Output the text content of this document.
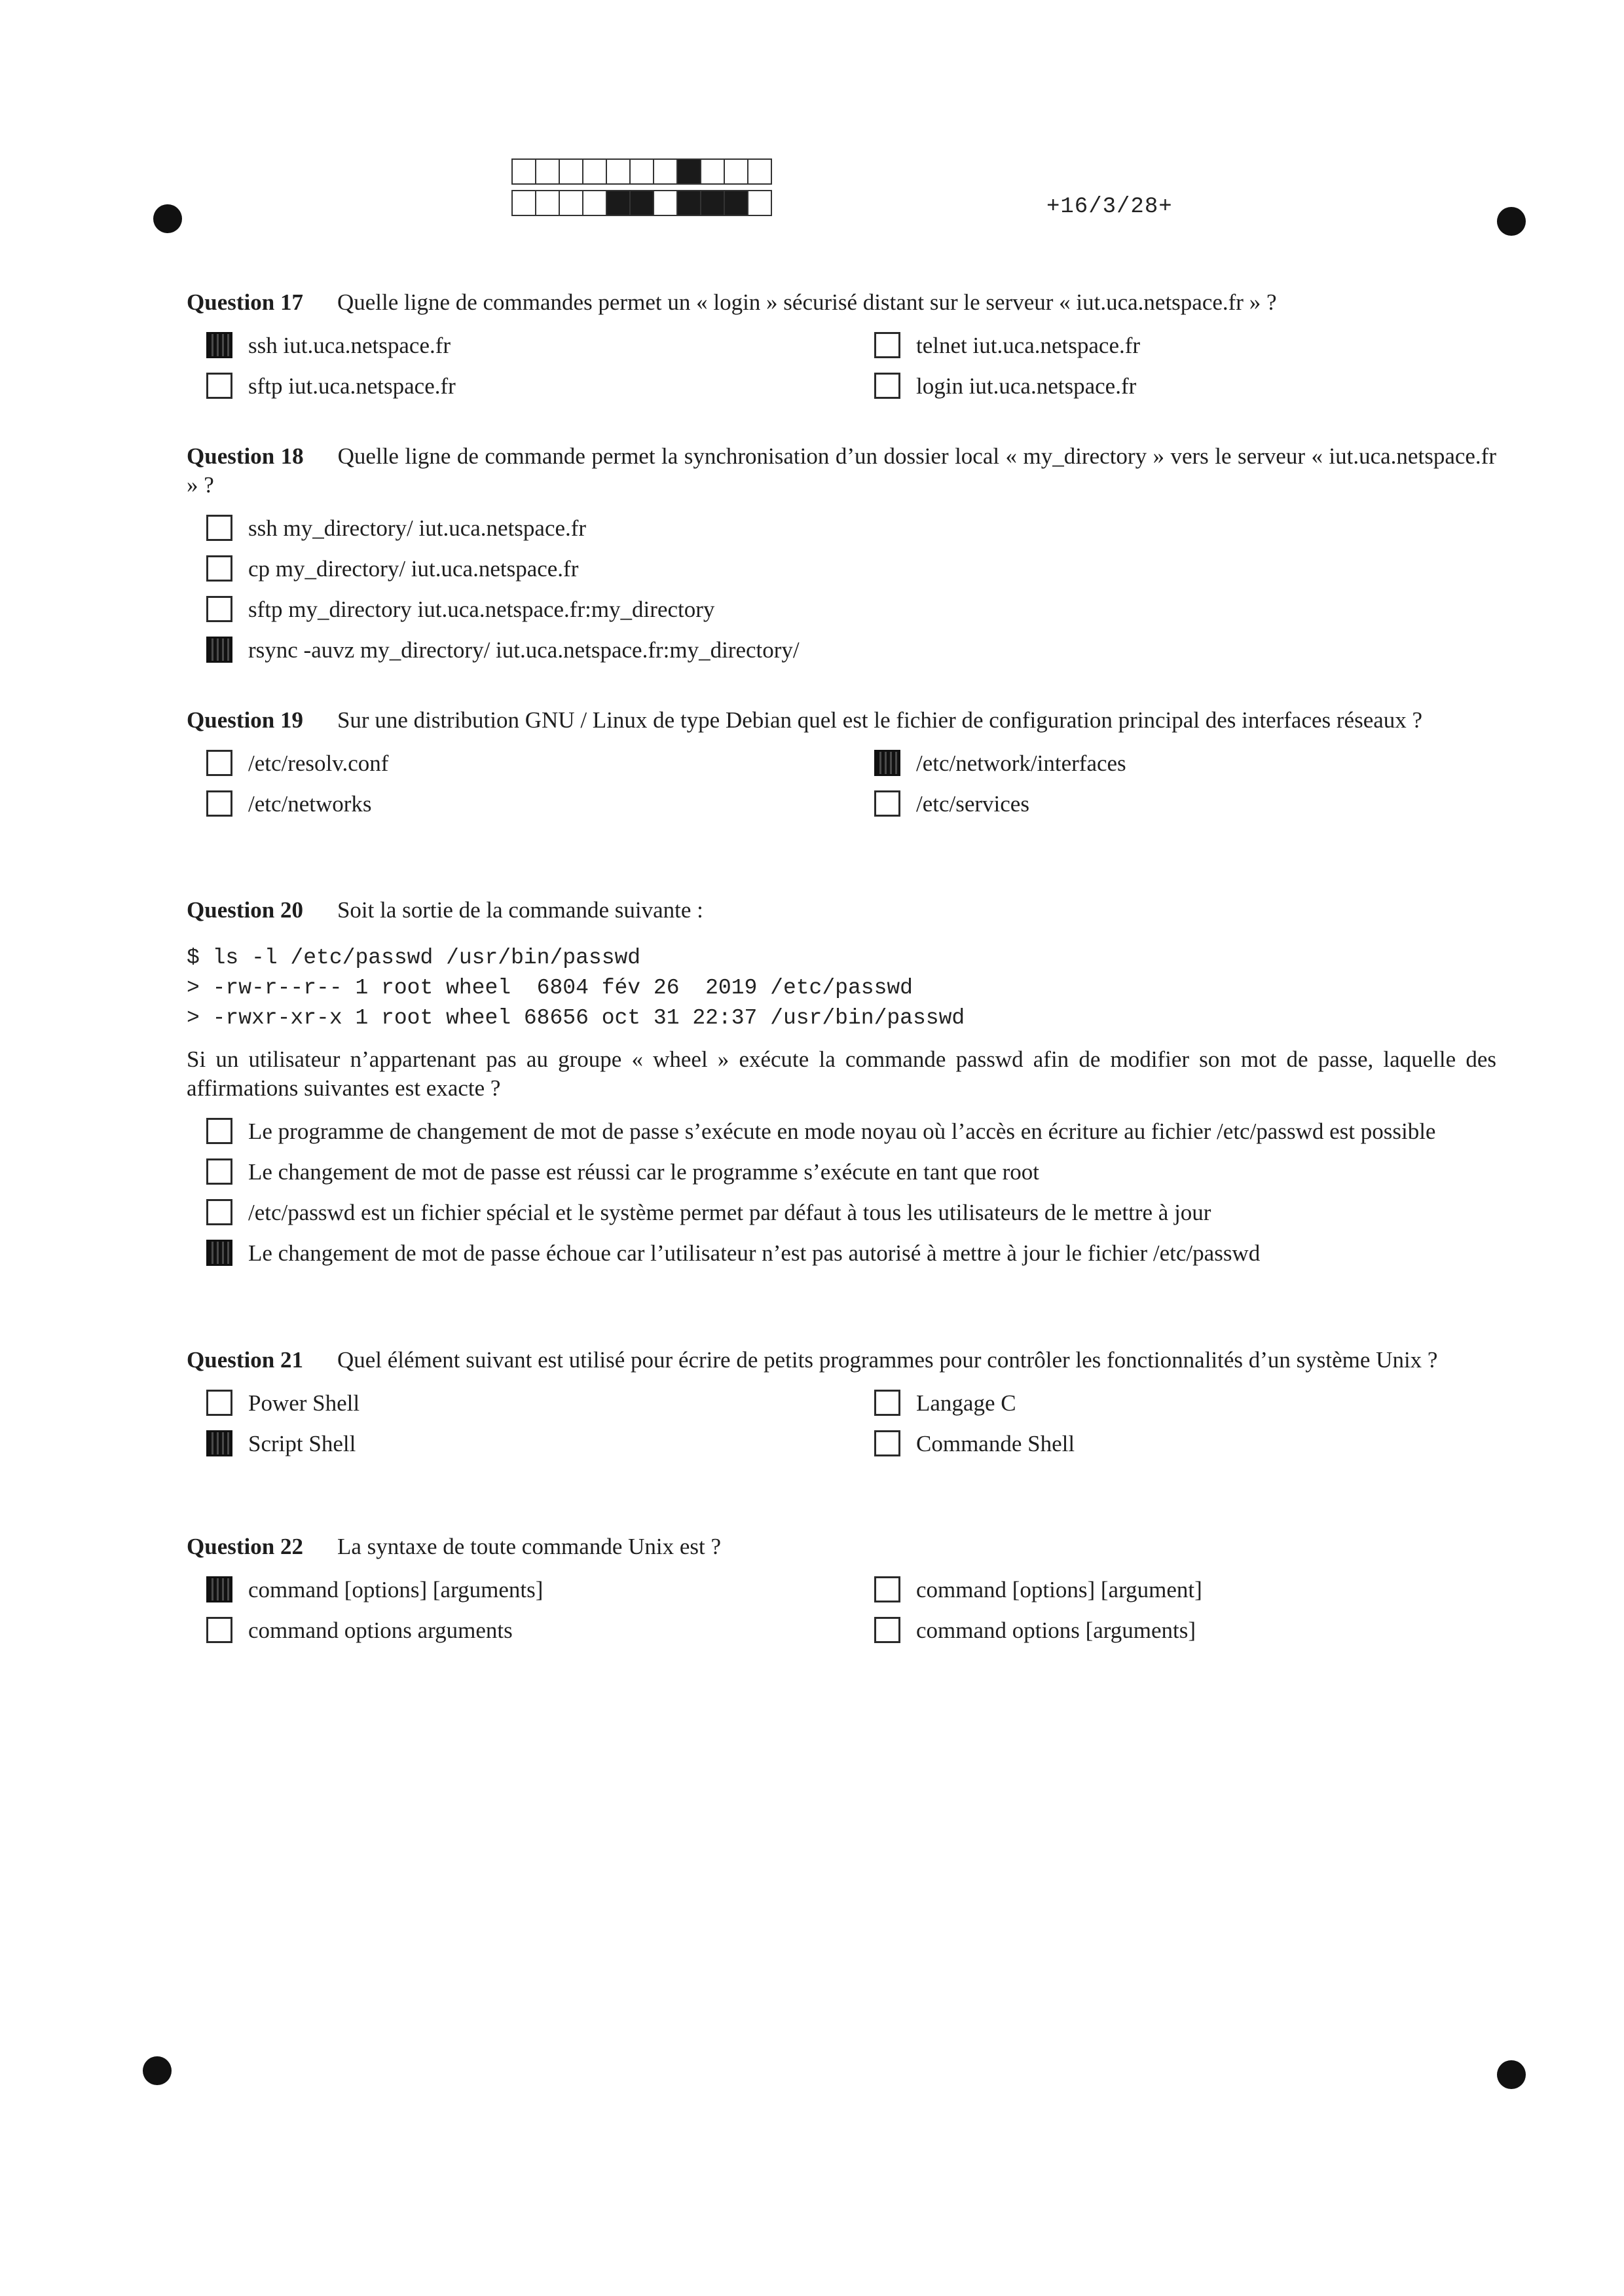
+16/3/28+
Question 17 Quelle ligne de commandes permet un « login » sécurisé distant sur le serveur « iut.uca.netspace.fr » ?
ssh iut.uca.netspace.fr	telnet iut.uca.netspace.fr
sftp iut.uca.netspace.fr	login iut.uca.netspace.fr
Question 18 Quelle ligne de commande permet la synchronisation d’un dossier local « my_directory » vers le serveur « iut.uca.netspace.fr » ?
ssh my_directory/ iut.uca.netspace.fr
cp my_directory/ iut.uca.netspace.fr
sftp my_directory iut.uca.netspace.fr:my_directory
rsync -auvz my_directory/ iut.uca.netspace.fr:my_directory/
Question 19 Sur une distribution GNU / Linux de type Debian quel est le fichier de configuration principal des interfaces réseaux ?
/etc/resolv.conf	/etc/network/interfaces
/etc/networks	/etc/services
Question 20 Soit la sortie de la commande suivante :
$ ls -l /etc/passwd /usr/bin/passwd
> -rw-r--r-- 1 root wheel  6804 fév 26  2019 /etc/passwd
> -rwxr-xr-x 1 root wheel 68656 oct 31 22:37 /usr/bin/passwd
Si un utilisateur n’appartenant pas au groupe « wheel » exécute la commande passwd afin de modifier son mot de passe, laquelle des affirmations suivantes est exacte ?
Le programme de changement de mot de passe s’exécute en mode noyau où l’accès en écriture au fichier /etc/passwd est possible
Le changement de mot de passe est réussi car le programme s’exécute en tant que root
/etc/passwd est un fichier spécial et le système permet par défaut à tous les utilisateurs de le mettre à jour
Le changement de mot de passe échoue car l’utilisateur n’est pas autorisé à mettre à jour le fichier /etc/passwd
Question 21 Quel élément suivant est utilisé pour écrire de petits programmes pour contrôler les fonctionnalités d’un système Unix ?
Power Shell	Langage C
Script Shell	Commande Shell
Question 22 La syntaxe de toute commande Unix est ?
command [options] [arguments]	command [options] [argument]
command options arguments	command options [arguments]
